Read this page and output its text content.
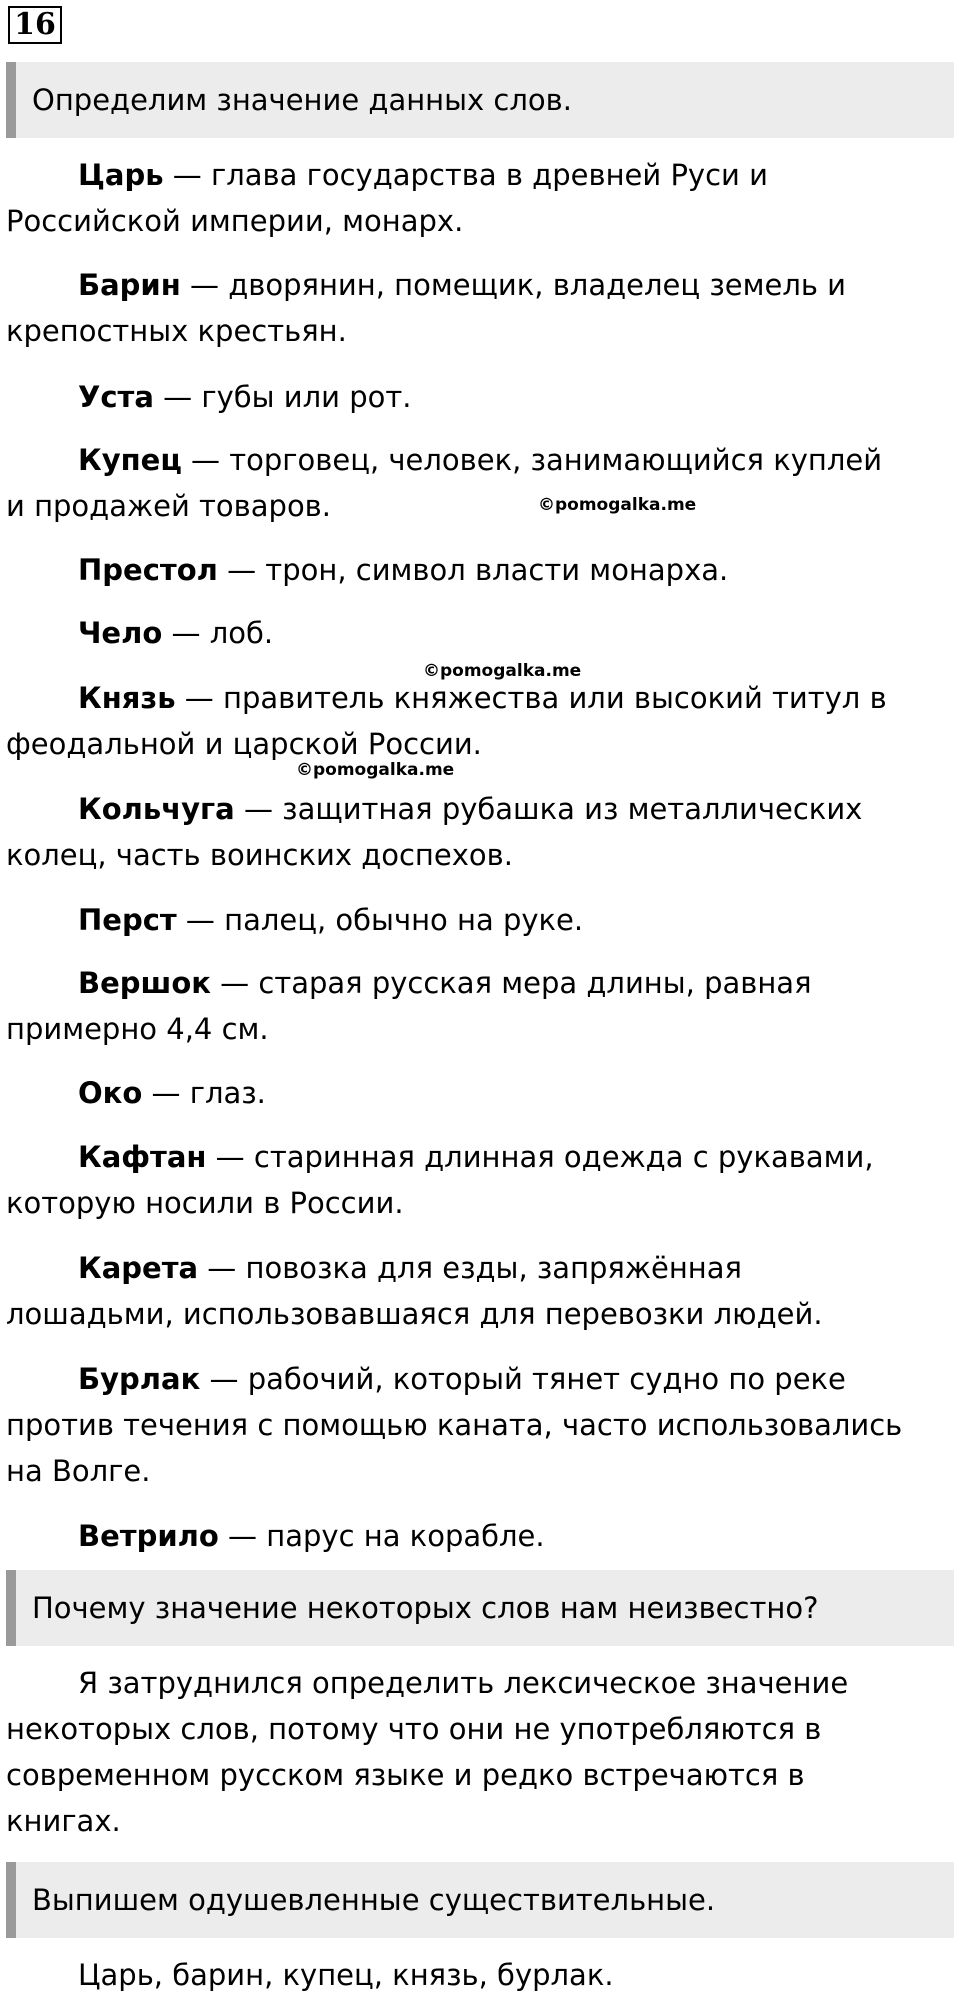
16
Определим значение данных слов.

Царь — глава государства в древней Руси и Российской империи, монарх.

Барин — дворянин, помещик, владелец земель и крепостных крестьян.

Уста — губы или рот.

Купец — торговец, человек, занимающийся куплей и продажей товаров.

Престол — трон, символ власти монарха.

Чело — лоб.

Князь — правитель княжества или высокий титул в феодальной и царской России.

Кольчуга — защитная рубашка из металлических колец, часть воинских доспехов.

Перст — палец, обычно на руке.

Вершок — старая русская мера длины, равная примерно 4,4 см.

Око — глаз.

Кафтан — старинная длинная одежда с рукавами, которую носили в России.

Карета — повозка для езды, запряжённая лошадьми, использовавшаяся для перевозки людей.

Бурлак — рабочий, который тянет судно по реке против течения с помощью каната, часто использовались на Волге.

Ветрило — парус на корабле.

Почему значение некоторых слов нам неизвестно?

Я затруднился определить лексическое значение некоторых слов, потому что они не употребляются в современном русском языке и редко встречаются в книгах.

Выпишем одушевленные существительные.

Царь, барин, купец, князь, бурлак.

©pomogalka.me
©pomogalka.me
©pomogalka.me
